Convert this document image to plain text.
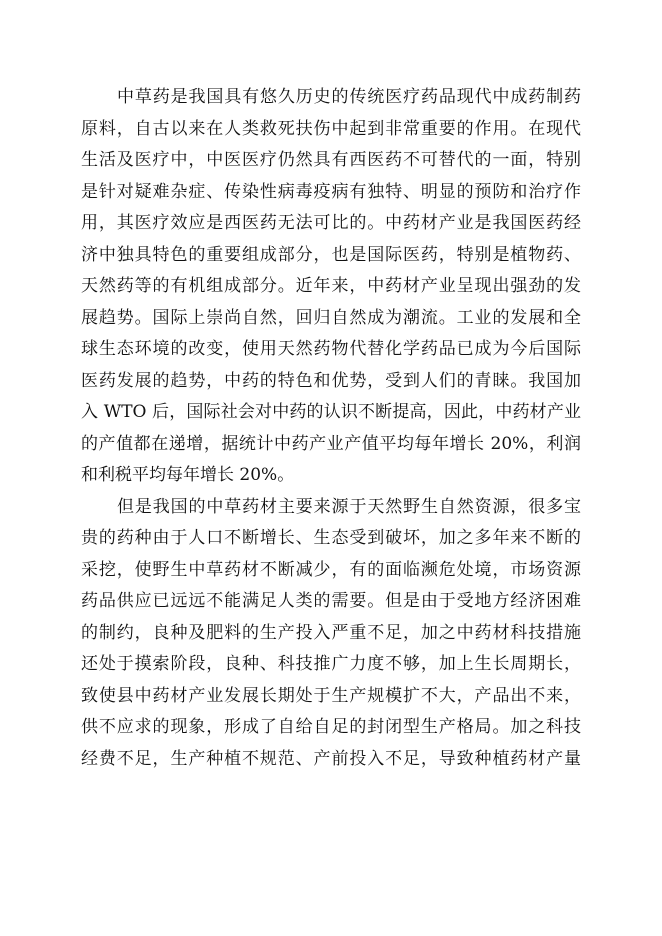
中草药是我国具有悠久历史的传统医疗药品现代中成药制药
原料，自古以来在人类救死扶伤中起到非常重要的作用。在现代
生活及医疗中，中医医疗仍然具有西医药不可替代的一面，特别
是针对疑难杂症、传染性病毒疫病有独特、明显的预防和治疗作
用，其医疗效应是西医药无法可比的。中药材产业是我国医药经
济中独具特色的重要组成部分，也是国际医药，特别是植物药、
天然药等的有机组成部分。近年来，中药材产业呈现出强劲的发
展趋势。国际上崇尚自然，回归自然成为潮流。工业的发展和全
球生态环境的改变，使用天然药物代替化学药品已成为今后国际
医药发展的趋势，中药的特色和优势，受到人们的青睐。我国加
入 WTO 后，国际社会对中药的认识不断提高，因此，中药材产业
的产值都在递增，据统计中药产业产值平均每年增长 20%，利润
和利税平均每年增长 20%。
但是我国的中草药材主要来源于天然野生自然资源，很多宝
贵的药种由于人口不断增长、生态受到破坏，加之多年来不断的
采挖，使野生中草药材不断减少，有的面临濒危处境，市场资源
药品供应已远远不能满足人类的需要。但是由于受地方经济困难
的制约，良种及肥料的生产投入严重不足，加之中药材科技措施
还处于摸索阶段，良种、科技推广力度不够，加上生长周期长，
致使县中药材产业发展长期处于生产规模扩不大，产品出不来，
供不应求的现象，形成了自给自足的封闭型生产格局。加之科技
经费不足，生产种植不规范、产前投入不足，导致种植药材产量
